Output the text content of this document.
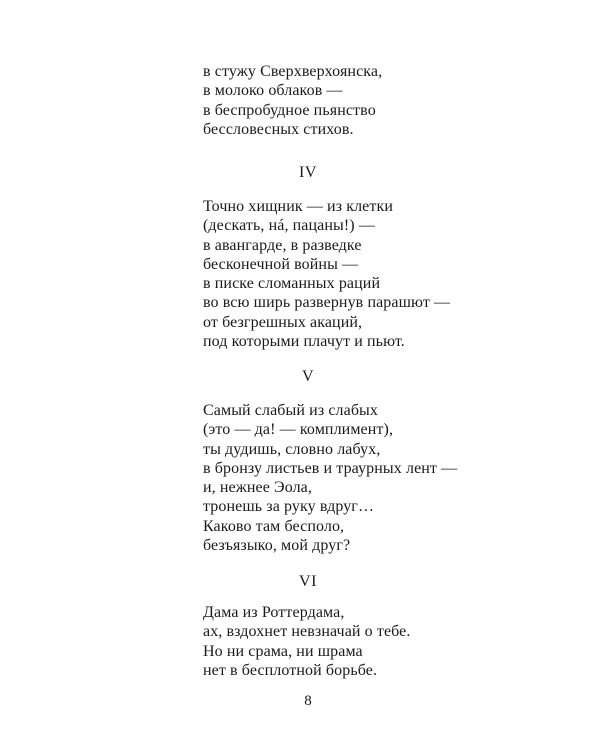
в стужу Сверхверхоянска,
в молоко облаков —
в беспробудное пьянство
бессловесных стихов.
IV
Точно хищник — из клетки
(дескать, нá, пацаны!) —
в авангарде, в разведке
бесконечной войны —
в писке сломанных раций
во всю ширь развернув парашют —
от безгрешных акаций,
под которыми плачут и пьют.
V
Самый слабый из слабых
(это — да! — комплимент),
ты дудишь, словно лабух,
в бронзу листьев и траурных лент —
и, нежнее Эола,
тронешь за руку вдруг…
Каково там бесполо,
безъязыко, мой друг?
VI
Дама из Роттердама,
ах, вздохнет невзначай о тебе.
Но ни срама, ни шрама
нет в бесплотной борьбе.
8
